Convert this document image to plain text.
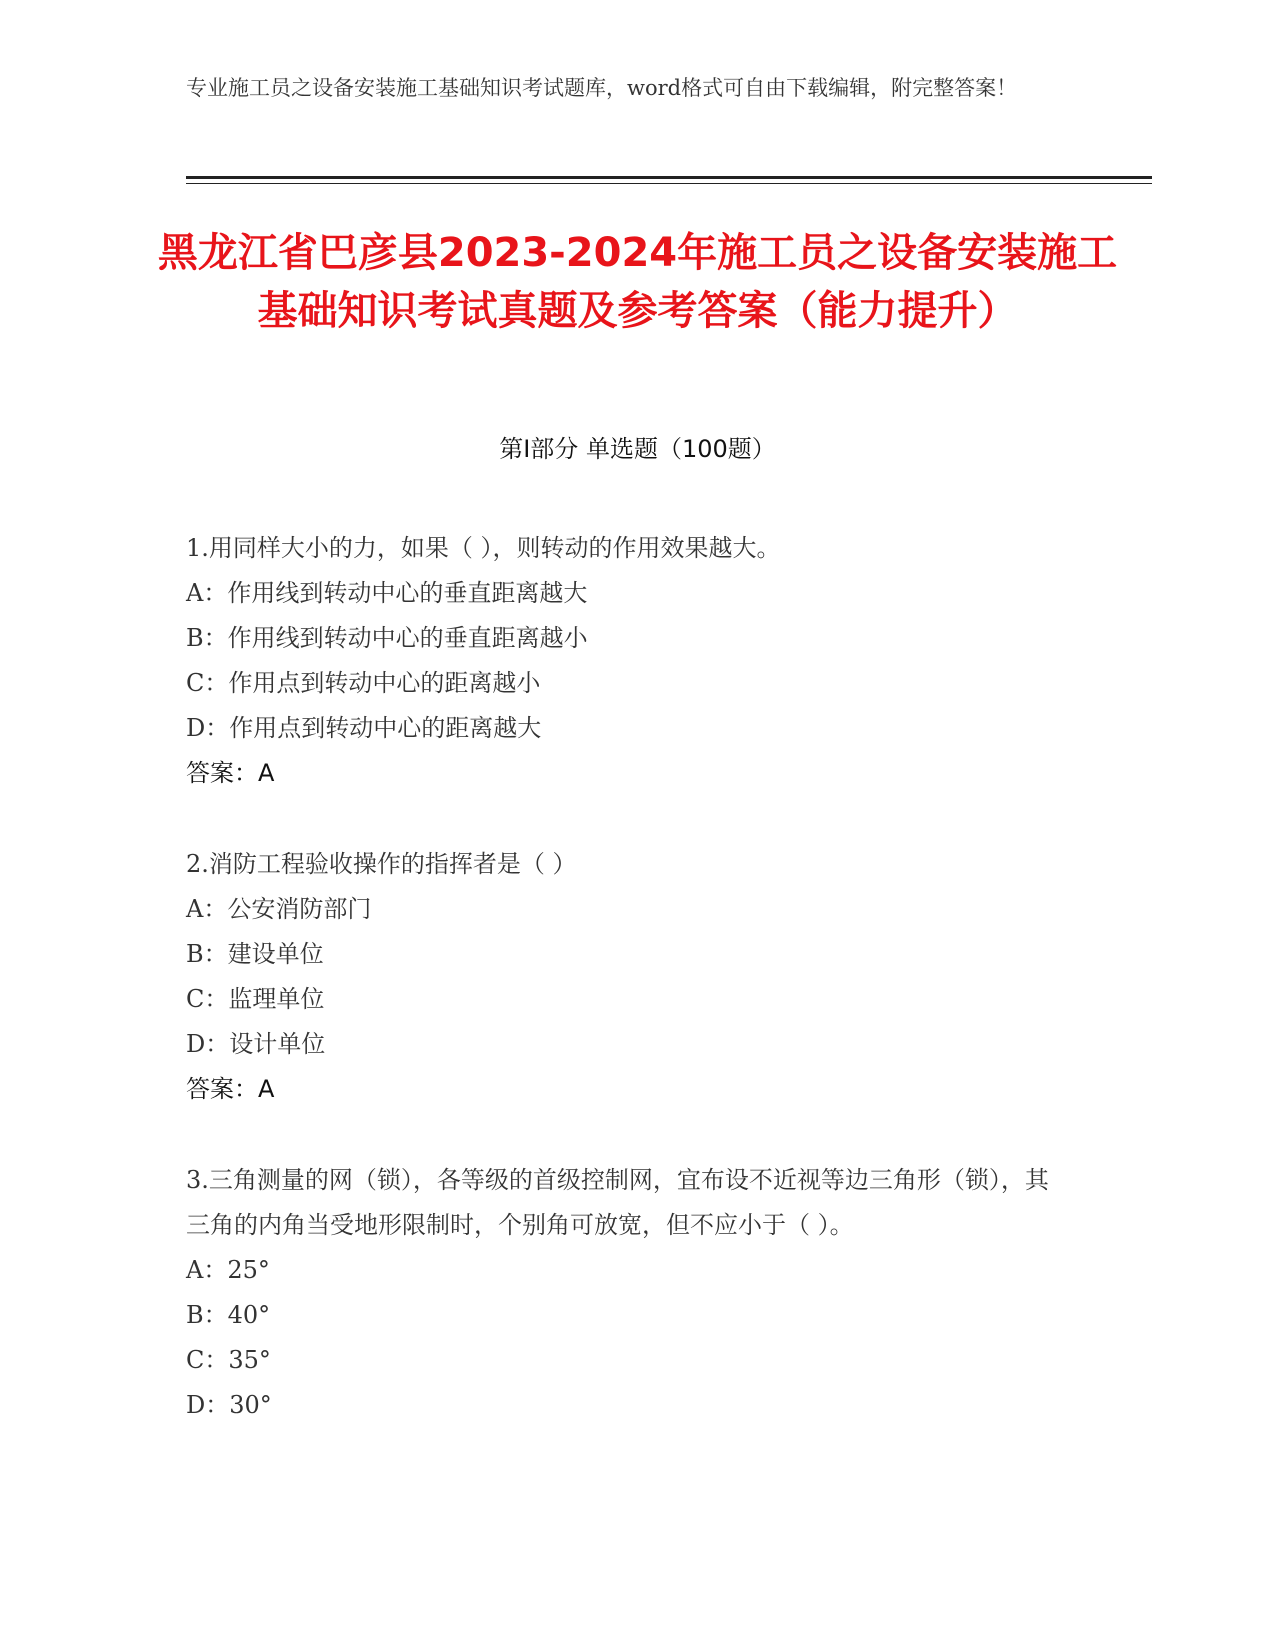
专业施工员之设备安装施工基础知识考试题库，word格式可自由下载编辑，附完整答案！
黑龙江省巴彦县2023-2024年施工员之设备安装施工基础知识考试真题及参考答案（能力提升）
第Ⅰ部分 单选题（100题）
1.用同样大小的力，如果（ ），则转动的作用效果越大。
A：作用线到转动中心的垂直距离越大
B：作用线到转动中心的垂直距离越小
C：作用点到转动中心的距离越小
D：作用点到转动中心的距离越大
答案：A
2.消防工程验收操作的指挥者是（ ）
A：公安消防部门
B：建设单位
C：监理单位
D：设计单位
答案：A
3.三角测量的网（锁），各等级的首级控制网，宜布设不近视等边三角形（锁），其三角的内角当受地形限制时，个别角可放宽，但不应小于（ ）。
A：25°
B：40°
C：35°
D：30°
